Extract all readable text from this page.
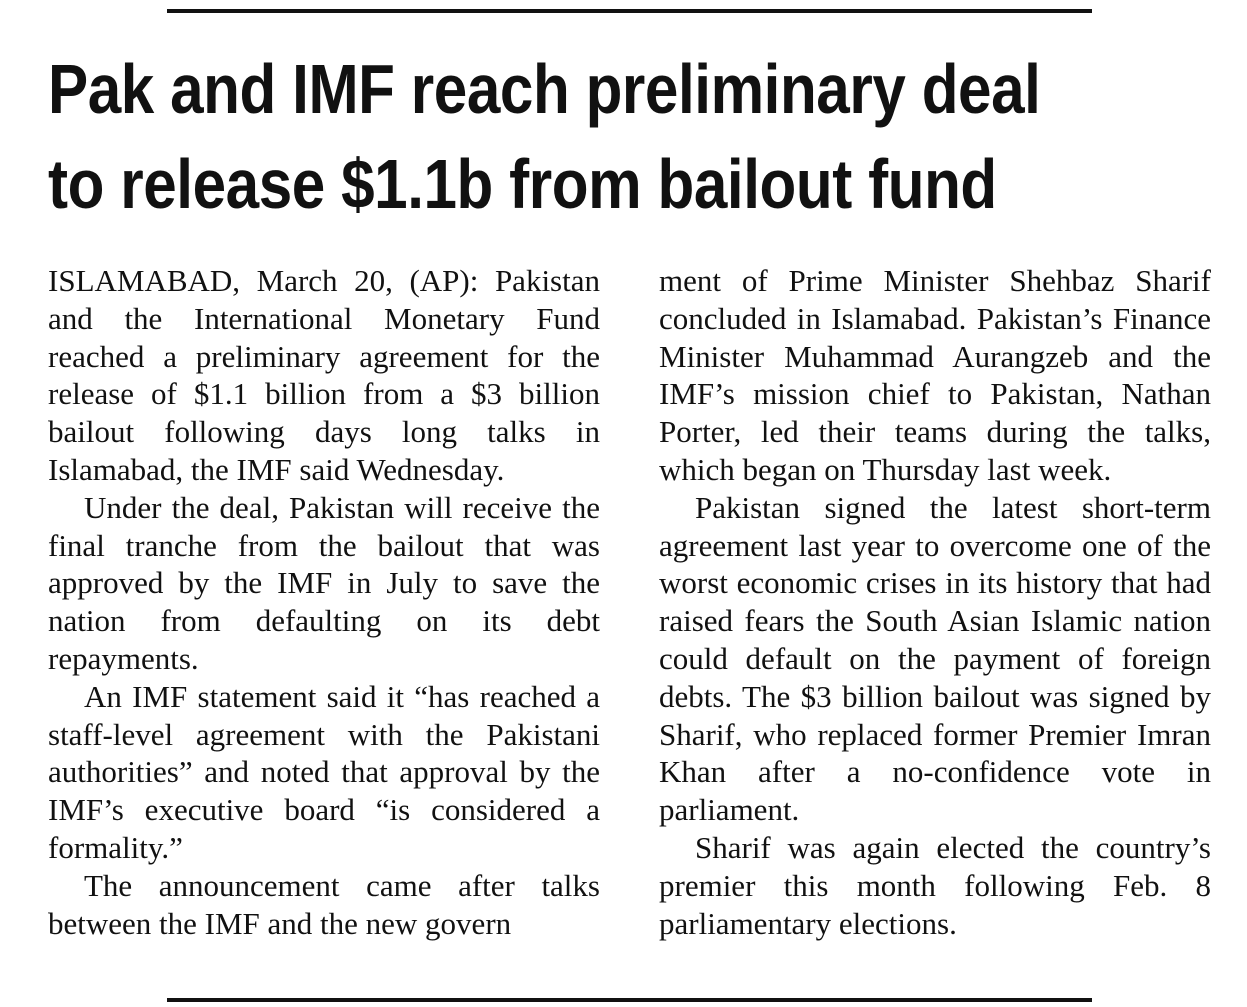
Pak and IMF reach preliminary deal
to release $1.1b from bailout fund

ISLAMABAD, March 20, (AP): Pakistan and the International Monetary Fund reached a preliminary agreement for the release of $1.1 billion from a $3 billion bailout following days long talks in Islamabad, the IMF said Wednesday.

Under the deal, Pakistan will receive the final tranche from the bailout that was approved by the IMF in July to save the nation from defaulting on its debt repayments.

An IMF statement said it “has reached a staff-level agreement with the Pakistani authorities” and noted that approval by the IMF’s executive board “is considered a formality.”

The announcement came after talks between the IMF and the new govern

ment of Prime Minister Shehbaz Sharif concluded in Islamabad. Pakistan’s Finance Minister Muhammad Aurangzeb and the IMF’s mission chief to Pakistan, Nathan Porter, led their teams during the talks, which began on Thursday last week.

Pakistan signed the latest short-term agreement last year to overcome one of the worst economic crises in its history that had raised fears the South Asian Islamic nation could default on the payment of foreign debts. The $3 billion bailout was signed by Sharif, who replaced former Premier Imran Khan after a no-confidence vote in parliament.

Sharif was again elected the country’s premier this month following Feb. 8 parliamentary elections.
